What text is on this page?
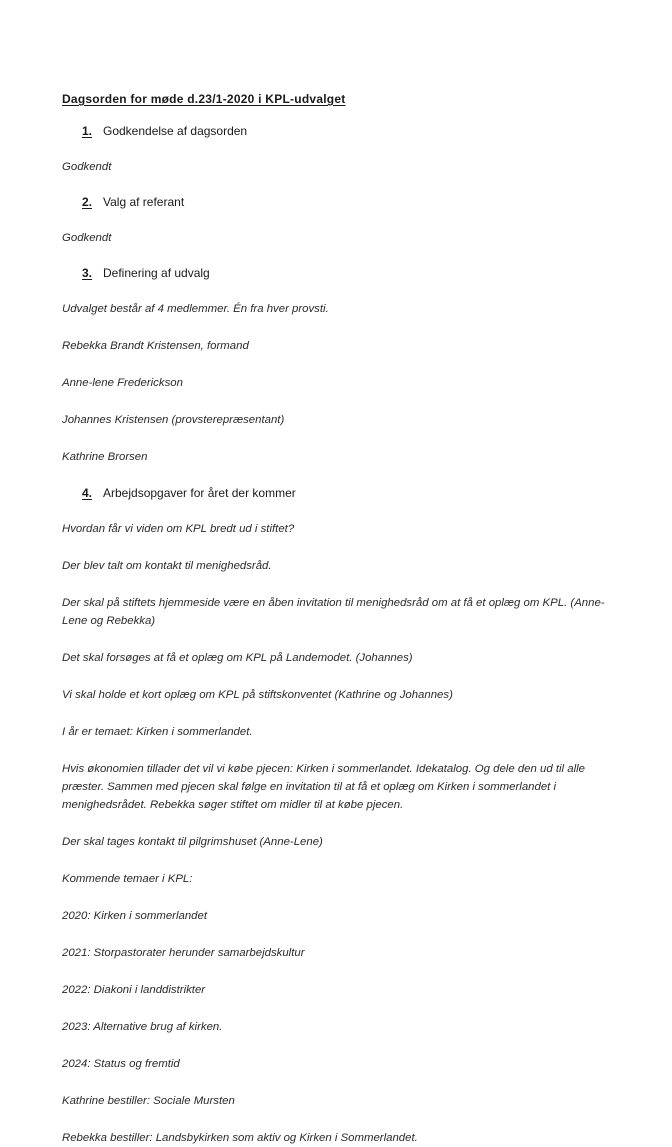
Dagsorden for møde d.23/1-2020 i KPL-udvalget
1. Godkendelse af dagsorden

Godkendt

2. Valg af referant

Godkendt

3. Definering af udvalg

Udvalget består af 4 medlemmer. Én fra hver provsti.

Rebekka Brandt Kristensen, formand

Anne-lene Frederickson

Johannes Kristensen (provsterepræsentant)

Kathrine Brorsen

4. Arbejdsopgaver for året der kommer

Hvordan får vi viden om KPL bredt ud i stiftet?

Der blev talt om kontakt til menighedsråd.

Der skal på stiftets hjemmeside være en åben invitation til menighedsråd om at få et oplæg om KPL. (Anne-Lene og Rebekka)

Det skal forsøges at få et oplæg om KPL på Landemodet. (Johannes)

Vi skal holde et kort oplæg om KPL på stiftskonventet (Kathrine og Johannes)

I år er temaet: Kirken i sommerlandet.

Hvis økonomien tillader det vil vi købe pjecen: Kirken i sommerlandet. Idekatalog. Og dele den ud til alle præster. Sammen med pjecen skal følge en invitation til at få et oplæg om Kirken i sommerlandet i menighedsrådet. Rebekka søger stiftet om midler til at købe pjecen.

Der skal tages kontakt til pilgrimshuset (Anne-Lene)

Kommende temaer i KPL:

2020: Kirken i sommerlandet

2021: Storpastorater herunder samarbejdskultur

2022: Diakoni i landdistrikter

2023: Alternative brug af kirken.

2024: Status og fremtid

Kathrine bestiller: Sociale Mursten

Rebekka bestiller: Landsbykirken som aktiv og Kirken i Sommerlandet.
